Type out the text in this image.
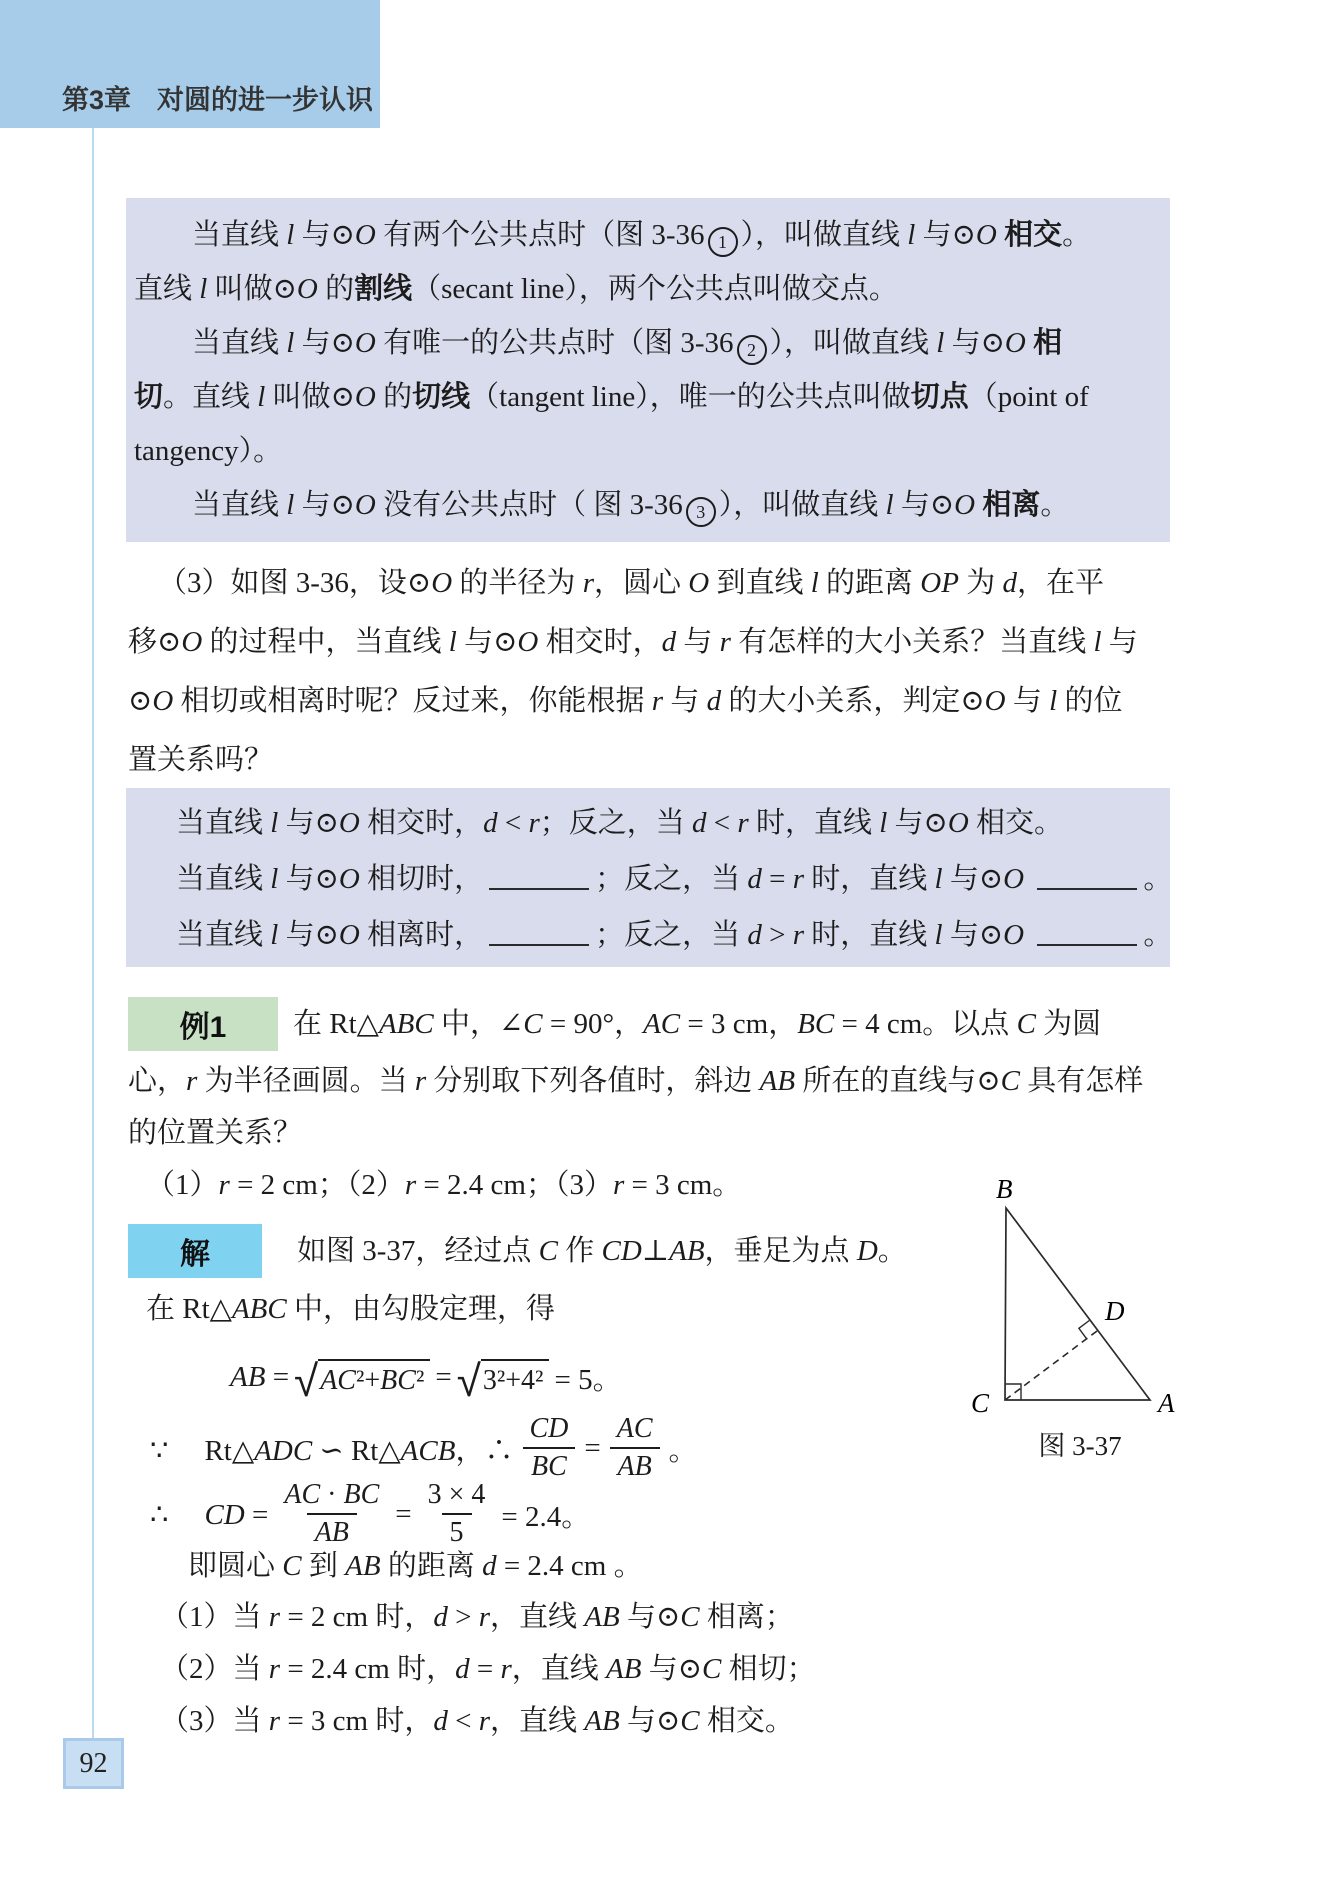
第3章 对圆的进一步认识
92
当直线 l 与⊙O 有两个公共点时（图 3-36 1 ），叫做直线 l 与⊙O 相交。
直线 l 叫做⊙O 的割线（secant line），两个公共点叫做交点。
当直线 l 与⊙O 有唯一的公共点时（图 3-36 2 ），叫做直线 l 与⊙O 相
切。直线 l 叫做⊙O 的切线（tangent line），唯一的公共点叫做切点（point of
tangency）。
当直线 l 与⊙O 没有公共点时（ 图 3-36 3 ），叫做直线 l 与⊙O 相离。
（3）如图 3-36，设⊙O 的半径为 r，圆心 O 到直线 l 的距离 OP 为 d，在平
移⊙O 的过程中，当直线 l 与⊙O 相交时，d 与 r 有怎样的大小关系？当直线 l 与
⊙O 相切或相离时呢？反过来，你能根据 r 与 d 的大小关系，判定⊙O 与 l 的位
置关系吗？
当直线 l 与⊙O 相交时，d < r；反之，当 d < r 时，直线 l 与⊙O 相交。
当直线 l 与⊙O 相切时，	；反之，当 d = r 时，直线 l 与⊙O	。
当直线 l 与⊙O 相离时，	；反之，当 d > r 时，直线 l 与⊙O	。
例1 在 Rt△ABC 中，∠C = 90°，AC = 3 cm，BC = 4 cm。以点 C 为圆
心，r 为半径画圆。当 r 分别取下列各值时，斜边 AB 所在的直线与⊙C 具有怎样
的位置关系？
（1）r = 2 cm；（2）r = 2.4 cm；（3）r = 3 cm。
解	如图 3-37，经过点 C 作 CD⊥AB，垂足为点 D。
在 Rt△ABC 中，由勾股定理，得
AB = √ AC²+BC² = √ 3²+4² = 5。
∵ Rt△ADC ∽ Rt△ACB，∴ $\frac{CD}{BC} = \frac{AC}{AB}$ 。
∴ CD = $\frac{AC \cdot BC}{AB} = \frac{3 \times 4}{5} = 2.4$。
即圆心 C 到 AB 的距离 d = 2.4 cm 。
（1）当 r = 2 cm 时，d > r，直线 AB 与⊙C 相离；
（2）当 r = 2.4 cm 时，d = r，直线 AB 与⊙C 相切；
（3）当 r = 3 cm 时，d < r，直线 AB 与⊙C 相交。
B
C	A
D
图 3-37
